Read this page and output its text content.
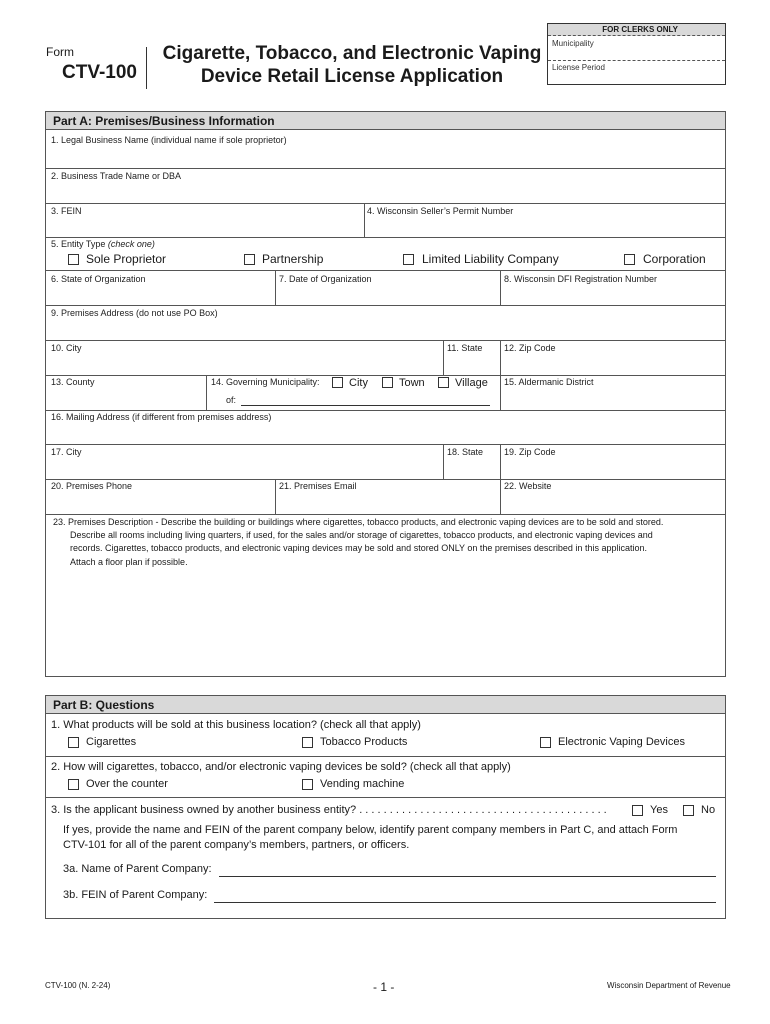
Form
CTV-100
Cigarette, Tobacco, and Electronic Vaping
Device Retail License Application
FOR CLERKS ONLY
Municipality
License Period
Part A: Premises/Business Information
1. Legal Business Name (individual name if sole proprietor)
2. Business Trade Name or DBA
3. FEIN	4. Wisconsin Seller’s Permit Number
5. Entity Type (check one)
Sole Proprietor	Partnership	Limited Liability Company	Corporation
6. State of Organization	7. Date of Organization	8. Wisconsin DFI Registration Number
9. Premises Address (do not use PO Box)
10. City	11. State 12. Zip Code
13. County	14. Governing Municipality:	City	Town	Village
of:
15. Aldermanic District
16. Mailing Address (if different from premises address)
17. City	18. State 19. Zip Code
20. Premises Phone	21. Premises Email	22. Website
23. Premises Description - Describe the building or buildings where cigarettes, tobacco products, and electronic vaping devices are to be sold and stored.
Describe all rooms including living quarters, if used, for the sales and/or storage of cigarettes, tobacco products, and electronic vaping devices and
records. Cigarettes, tobacco products, and electronic vaping devices may be sold and stored ONLY on the premises described in this application.
Attach a floor plan if possible.
Part B: Questions
1. What products will be sold at this business location? (check all that apply)
Cigarettes	Tobacco Products	Electronic Vaping Devices
2. How will cigarettes, tobacco, and/or electronic vaping devices be sold? (check all that apply)
Over the counter	Vending machine
3. Is the applicant business owned by another business entity? . . . . . . . . . . . . . . . . . . . . . . . . . . . . . . . . . . . . . . . . .	Yes	No
If yes, provide the name and FEIN of the parent company below, identify parent company members in Part C, and attach Form
CTV-101 for all of the parent company’s members, partners, or officers.
3a. Name of Parent Company:
3b. FEIN of Parent Company:
CTV-100 (N. 2-24)	- 1 -	Wisconsin Department of Revenue
